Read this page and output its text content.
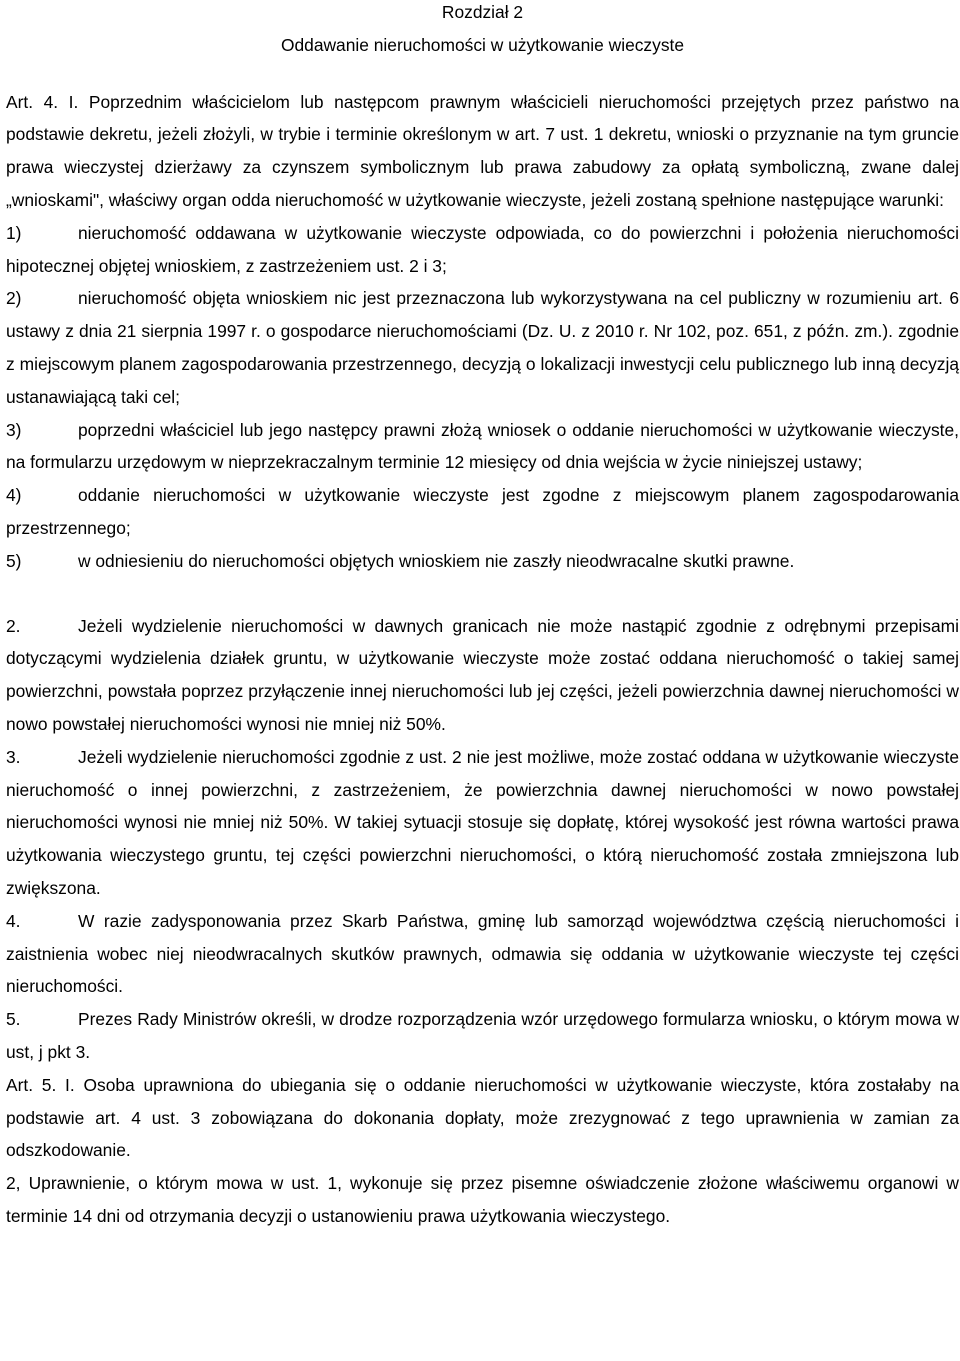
Rozdział 2

Oddawanie nieruchomości w użytkowanie wieczyste

Art. 4. I. Poprzednim właścicielom lub następcom prawnym właścicieli nieruchomości przejętych przez państwo na podstawie dekretu, jeżeli złożyli, w trybie i terminie określonym w art. 7 ust. 1 dekretu, wnioski o przyznanie na tym gruncie prawa wieczystej dzierżawy za czynszem symbolicznym lub prawa zabudowy za opłatą symboliczną, zwane dalej „wnioskami", właściwy organ odda nieruchomość w użytkowanie wieczyste, jeżeli zostaną spełnione następujące warunki:

1)	nieruchomość oddawana w użytkowanie wieczyste odpowiada, co do powierzchni i położenia nieruchomości hipotecznej objętej wnioskiem, z zastrzeżeniem ust. 2 i 3;

2)	nieruchomość objęta wnioskiem nic jest przeznaczona lub wykorzystywana na cel publiczny w rozumieniu art. 6 ustawy z dnia 21 sierpnia 1997 r. o gospodarce nieruchomościami (Dz. U. z 2010 r. Nr 102, poz. 651, z późn. zm.). zgodnie z miejscowym planem zagospodarowania przestrzennego, decyzją o lokalizacji inwestycji celu publicznego lub inną decyzją ustanawiającą taki cel;

3)	poprzedni właściciel lub jego następcy prawni złożą wniosek o oddanie nieruchomości w użytkowanie wieczyste, na formularzu urzędowym w nieprzekraczalnym terminie 12 miesięcy od dnia wejścia w życie niniejszej ustawy;

4)	oddanie nieruchomości w użytkowanie wieczyste jest zgodne z miejscowym planem zagospodarowania przestrzennego;

5)	w odniesieniu do nieruchomości objętych wnioskiem nie zaszły nieodwracalne skutki prawne.

2.	Jeżeli wydzielenie nieruchomości w dawnych granicach nie może nastąpić zgodnie z odrębnymi przepisami dotyczącymi wydzielenia działek gruntu, w użytkowanie wieczyste może zostać oddana nieruchomość o takiej samej powierzchni, powstała poprzez przyłączenie innej nieruchomości lub jej części, jeżeli powierzchnia dawnej nieruchomości w nowo powstałej nieruchomości wynosi nie mniej niż 50%.

3.	Jeżeli wydzielenie nieruchomości zgodnie z ust. 2 nie jest możliwe, może zostać oddana w użytkowanie wieczyste nieruchomość o innej powierzchni, z zastrzeżeniem, że powierzchnia dawnej nieruchomości w nowo powstałej nieruchomości wynosi nie mniej niż 50%. W takiej sytuacji stosuje się dopłatę, której wysokość jest równa wartości prawa użytkowania wieczystego gruntu, tej części powierzchni nieruchomości, o którą nieruchomość została zmniejszona lub zwiększona.

4.	W razie zadysponowania przez Skarb Państwa, gminę lub samorząd województwa częścią nieruchomości i zaistnienia wobec niej nieodwracalnych skutków prawnych, odmawia się oddania w użytkowanie wieczyste tej części nieruchomości.

5.	Prezes Rady Ministrów określi, w drodze rozporządzenia wzór urzędowego formularza wniosku, o którym mowa w ust, j pkt 3.

Art. 5. I. Osoba uprawniona do ubiegania się o oddanie nieruchomości w użytkowanie wieczyste, która zostałaby na podstawie art. 4 ust. 3 zobowiązana do dokonania dopłaty, może zrezygnować z tego uprawnienia w zamian za odszkodowanie.

2, Uprawnienie, o którym mowa w ust. 1, wykonuje się przez pisemne oświadczenie złożone właściwemu organowi w terminie 14 dni od otrzymania decyzji o ustanowieniu prawa użytkowania wieczystego.
